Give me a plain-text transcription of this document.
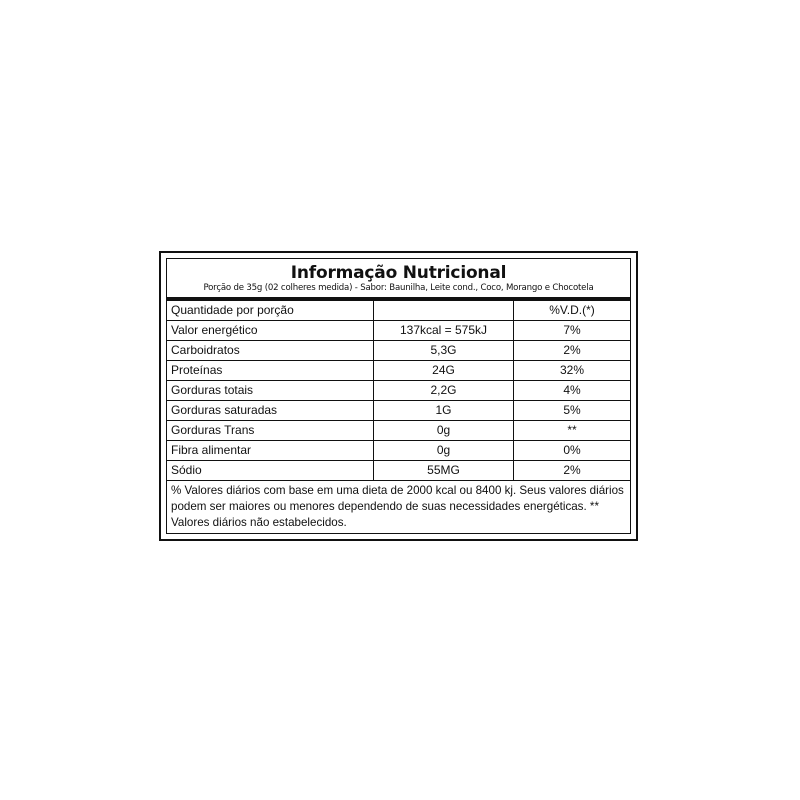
Informação Nutricional
Porção de 35g (02 colheres medida) - Sabor: Baunilha, Leite cond., Coco, Morango e Chocotela
Quantidade por porção		%V.D.(*)
Valor energético	137kcal = 575kJ	7%
Carboidratos	5,3G	2%
Proteínas	24G	32%
Gorduras totais	2,2G	4%
Gorduras saturadas	1G	5%
Gorduras Trans	0g	**
Fibra alimentar	0g	0%
Sódio	55MG	2%
% Valores diários com base em uma dieta de 2000 kcal ou 8400 kj. Seus valores diários podem ser maiores ou menores dependendo de suas necessidades energéticas. ** Valores diários não estabelecidos.
